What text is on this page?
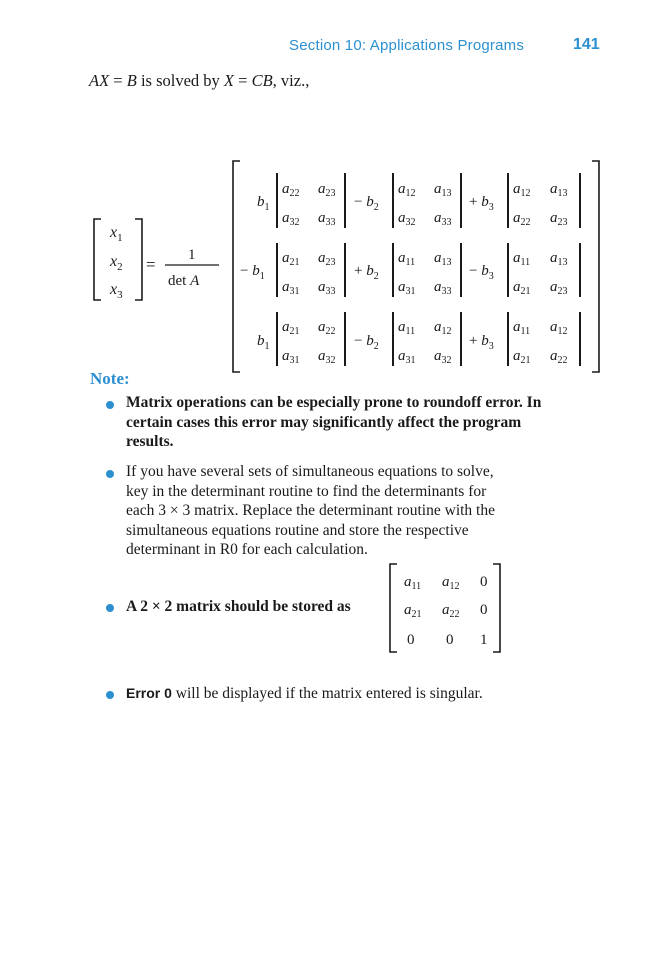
Section 10: Applications Programs	141
AX = B is solved by X = CB, viz.,
$x_1$
$x_2$
$x_3$
= 1
det A
$b_1$
$a_{22}$ $a_{23}$
$a_{32}$ $a_{33}$
− $b_2$
$a_{12}$ $a_{13}$
$a_{32}$ $a_{33}$
+ $b_3$
$a_{12}$ $a_{13}$
$a_{22}$ $a_{23}$
− $b_1$
$a_{21}$ $a_{23}$
$a_{31}$ $a_{33}$
+ $b_2$
$a_{11}$ $a_{13}$
$a_{31}$ $a_{33}$
− $b_3$
$a_{11}$ $a_{13}$
$a_{21}$ $a_{23}$
$b_1$
$a_{21}$ $a_{22}$
$a_{31}$ $a_{32}$
− $b_2$
$a_{11}$ $a_{12}$
$a_{31}$ $a_{32}$
+ $b_3$
$a_{11}$ $a_{12}$
$a_{21}$ $a_{22}$
Note:
Matrix operations can be especially prone to roundoff error. In
certain cases this error may significantly affect the program
results.
If you have several sets of simultaneous equations to solve,
key in the determinant routine to find the determinants for
each 3 × 3 matrix. Replace the determinant routine with the
simultaneous equations routine and store the respective
determinant in R0 for each calculation.
A 2 × 2 matrix should be stored as
$a_{11}$ $a_{12}$ 0
$a_{21}$ $a_{22}$ 0
0 0 1
Error 0 will be displayed if the matrix entered is singular.
